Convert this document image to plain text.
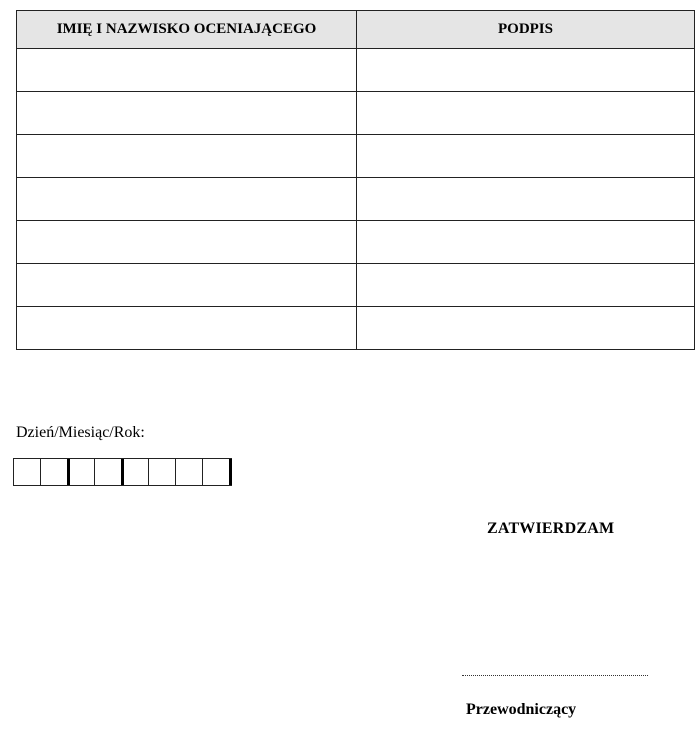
IMIĘ I NAZWISKO OCENIAJĄCEGO	PODPIS

Dzień/Miesiąc/Rok:
ZATWIERDZAM
Przewodniczący
